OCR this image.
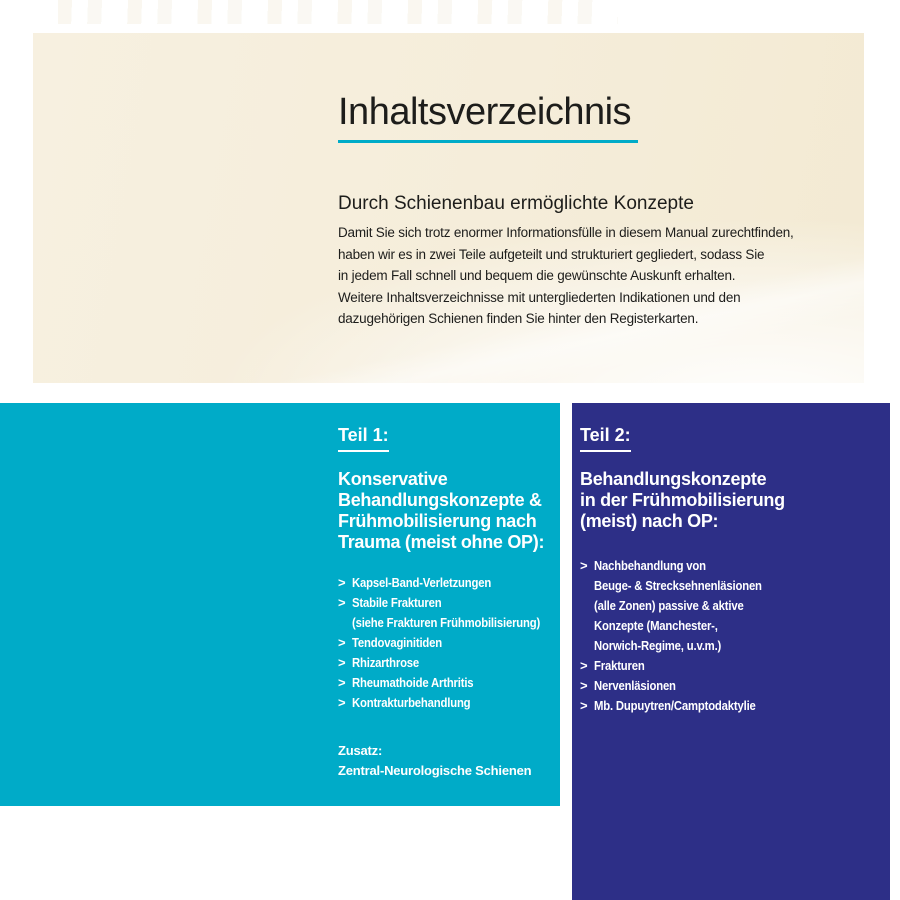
Inhaltsverzeichnis
Durch Schienenbau ermöglichte Konzepte
Damit Sie sich trotz enormer Informationsfülle in diesem Manual zurechtfinden,
haben wir es in zwei Teile aufgeteilt und strukturiert gegliedert, sodass Sie
in jedem Fall schnell und bequem die gewünschte Auskunft erhalten.
Weitere Inhaltsverzeichnisse mit untergliederten Indikationen und den
dazugehörigen Schienen finden Sie hinter den Registerkarten.
Teil 1:
Konservative
Behandlungskonzepte &
Frühmobilisierung nach
Trauma (meist ohne OP):
> Kapsel-Band-Verletzungen
> Stabile Frakturen
(siehe Frakturen Frühmobilisierung)
> Tendovaginitiden
> Rhizarthrose
> Rheumathoide Arthritis
> Kontrakturbehandlung
Zusatz:
Zentral-Neurologische Schienen
Teil 2:
Behandlungskonzepte
in der Frühmobilisierung
(meist) nach OP:
> Nachbehandlung von
Beuge- & Strecksehnenläsionen
(alle Zonen) passive & aktive
Konzepte (Manchester-,
Norwich-Regime, u.v.m.)
> Frakturen
> Nervenläsionen
> Mb. Dupuytren/Camptodaktylie
